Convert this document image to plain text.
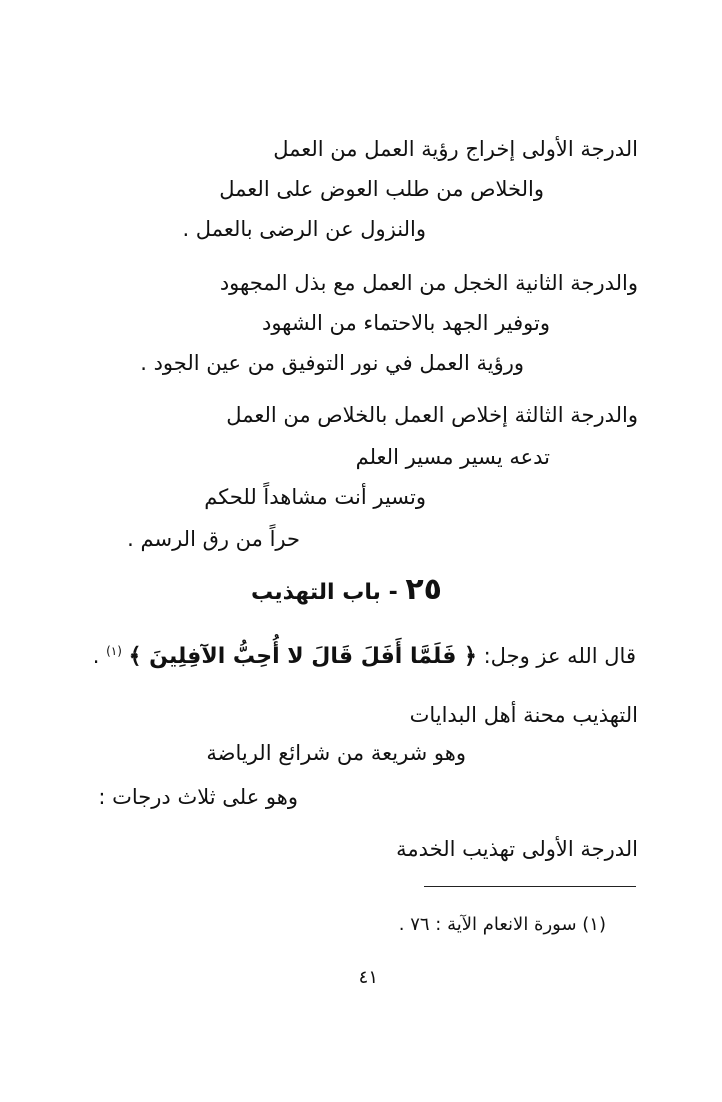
الدرجة الأولى إخراج رؤية العمل من العمل
والخلاص من طلب العوض على العمل
والنزول عن الرضى بالعمل .
والدرجة الثانية الخجل من العمل مع بذل المجهود
وتوفير الجهد بالاحتماء من الشهود
ورؤية العمل في نور التوفيق من عين الجود .
والدرجة الثالثة إخلاص العمل بالخلاص من العمل
تدعه يسير مسير العلم
وتسير أنت مشاهداً للحكم
حراً من رق الرسم .
٢٥ - باب التهذيب
قال الله عز وجل: ﴿ فَلَمَّا أَفَلَ قَالَ لا أُحِبُّ الآفِلِينَ ﴾ $^{(١)}$ .
التهذيب محنة أهل البدايات
وهو شريعة من شرائع الرياضة
وهو على ثلاث درجات :
الدرجة الأولى تهذيب الخدمة
(١) سورة الانعام الآية : ٧٦ .
٤١
